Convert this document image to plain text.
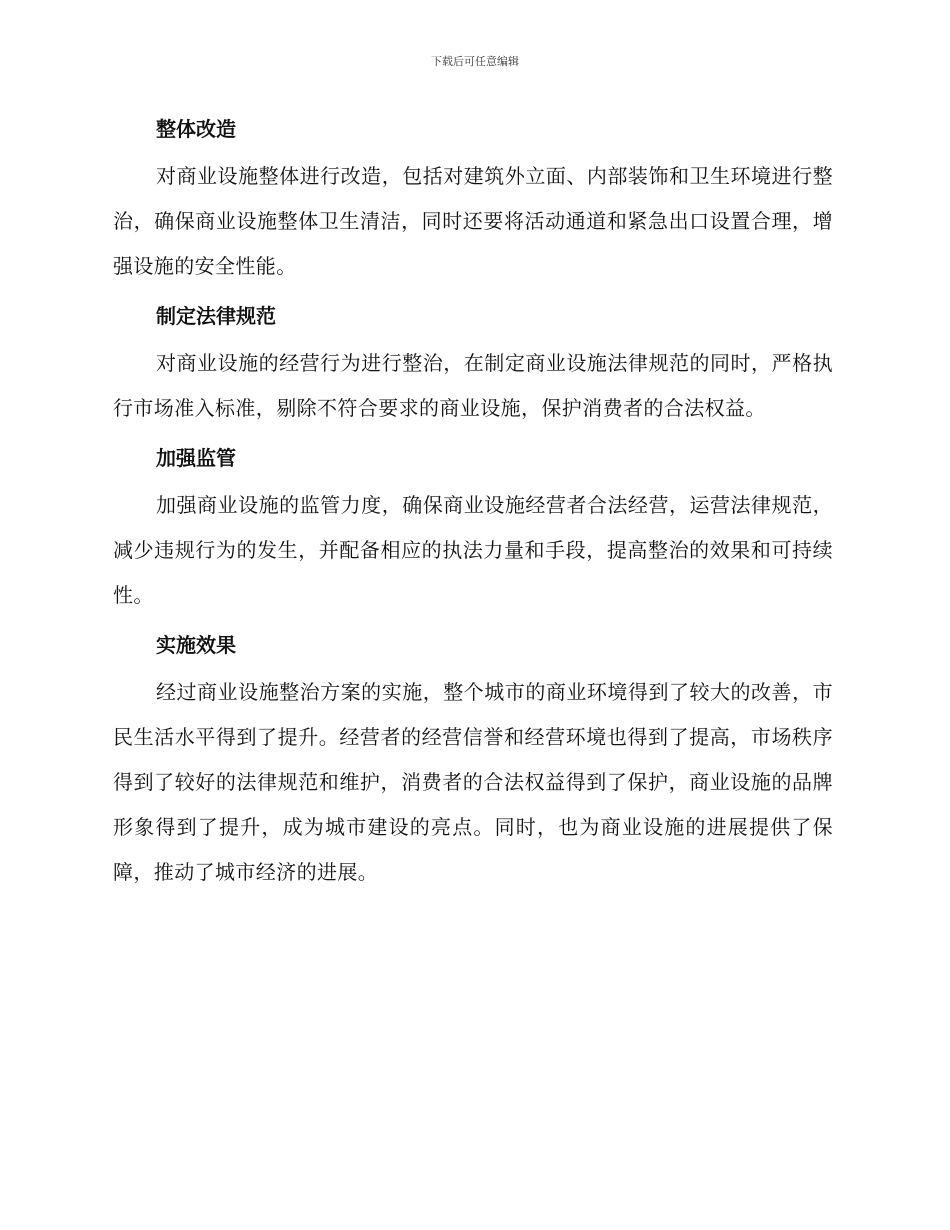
下载后可任意编辑
整体改造

对商业设施整体进行改造，包括对建筑外立面、内部装饰和卫生环境进行整治，确保商业设施整体卫生清洁，同时还要将活动通道和紧急出口设置合理，增强设施的安全性能。

制定法律规范

对商业设施的经营行为进行整治，在制定商业设施法律规范的同时，严格执行市场准入标准，剔除不符合要求的商业设施，保护消费者的合法权益。

加强监管

加强商业设施的监管力度，确保商业设施经营者合法经营，运营法律规范，减少违规行为的发生，并配备相应的执法力量和手段，提高整治的效果和可持续性。

实施效果

经过商业设施整治方案的实施，整个城市的商业环境得到了较大的改善，市民生活水平得到了提升。经营者的经营信誉和经营环境也得到了提高，市场秩序得到了较好的法律规范和维护，消费者的合法权益得到了保护，商业设施的品牌形象得到了提升，成为城市建设的亮点。同时，也为商业设施的进展提供了保障，推动了城市经济的进展。
